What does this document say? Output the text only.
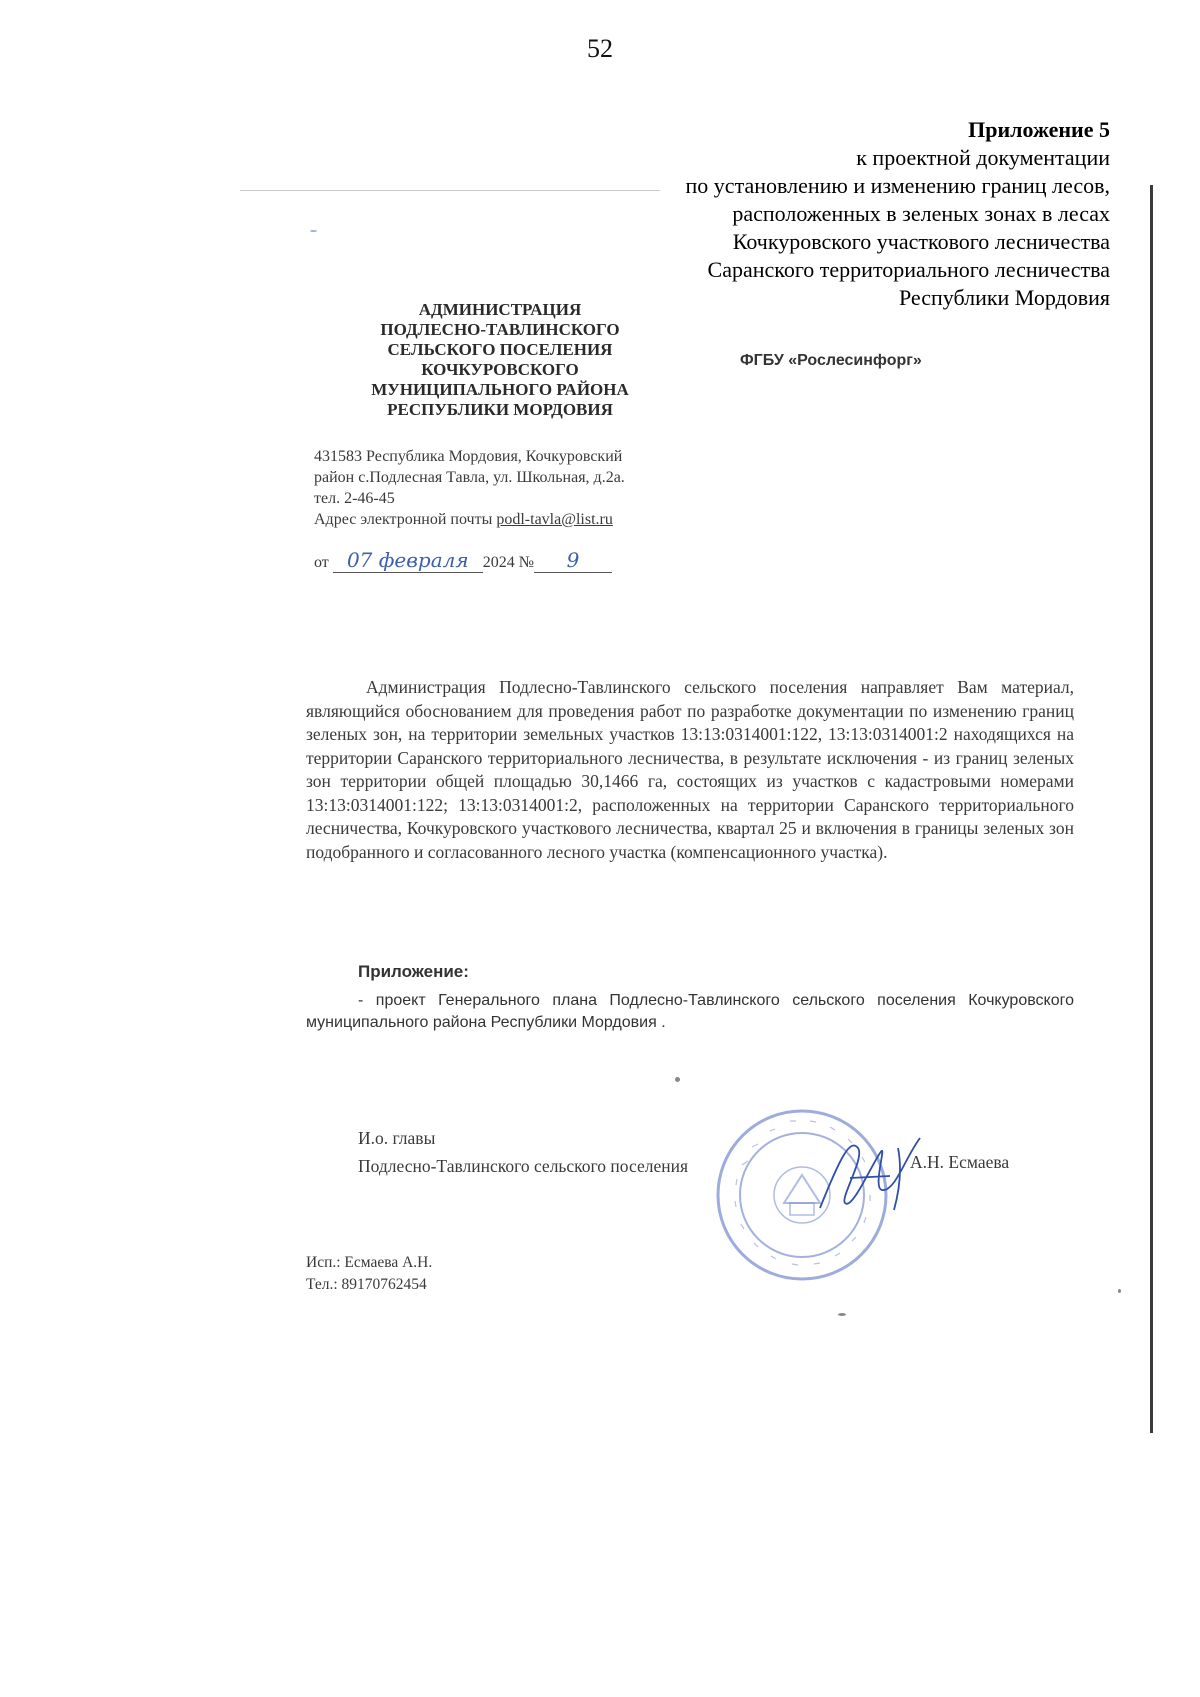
52
Приложение 5
к проектной документации
по установлению и изменению границ лесов,
расположенных в зеленых зонах в лесах
Кочкуровского участкового лесничества
Саранского территориального лесничества
Республики Мордовия
АДМИНИСТРАЦИЯ
ПОДЛЕСНО-ТАВЛИНСКОГО
СЕЛЬСКОГО ПОСЕЛЕНИЯ
КОЧКУРОВСКОГО
МУНИЦИПАЛЬНОГО РАЙОНА
РЕСПУБЛИКИ МОРДОВИЯ
ФГБУ «Рослесинфорг»
431583 Республика Мордовия, Кочкуровский
район с.Подлесная Тавла, ул. Школьная, д.2а.
тел. 2-46-45
Адрес электронной почты podl-tavla@list.ru
от 07 февраля 2024 № 9
Администрация Подлесно-Тавлинского сельского поселения направляет Вам материал, являющийся обоснованием для проведения работ по разработке документации по изменению границ зеленых зон, на территории земельных участков 13:13:0314001:122, 13:13:0314001:2 находящихся на территории Саранского территориального лесничества, в результате исключения - из границ зеленых зон территории общей площадью 30,1466 га, состоящих из участков с кадастровыми номерами 13:13:0314001:122; 13:13:0314001:2, расположенных на территории Саранского территориального лесничества, Кочкуровского участкового лесничества, квартал 25 и включения в границы зеленых зон подобранного и согласованного лесного участка (компенсационного участка).
Приложение:
- проект Генерального плана Подлесно-Тавлинского сельского поселения Кочкуровского муниципального района Республики Мордовия .
И.о. главы
Подлесно-Тавлинского сельского поселения	А.Н. Есмаева
Исп.: Есмаева А.Н.
Тел.: 89170762454
